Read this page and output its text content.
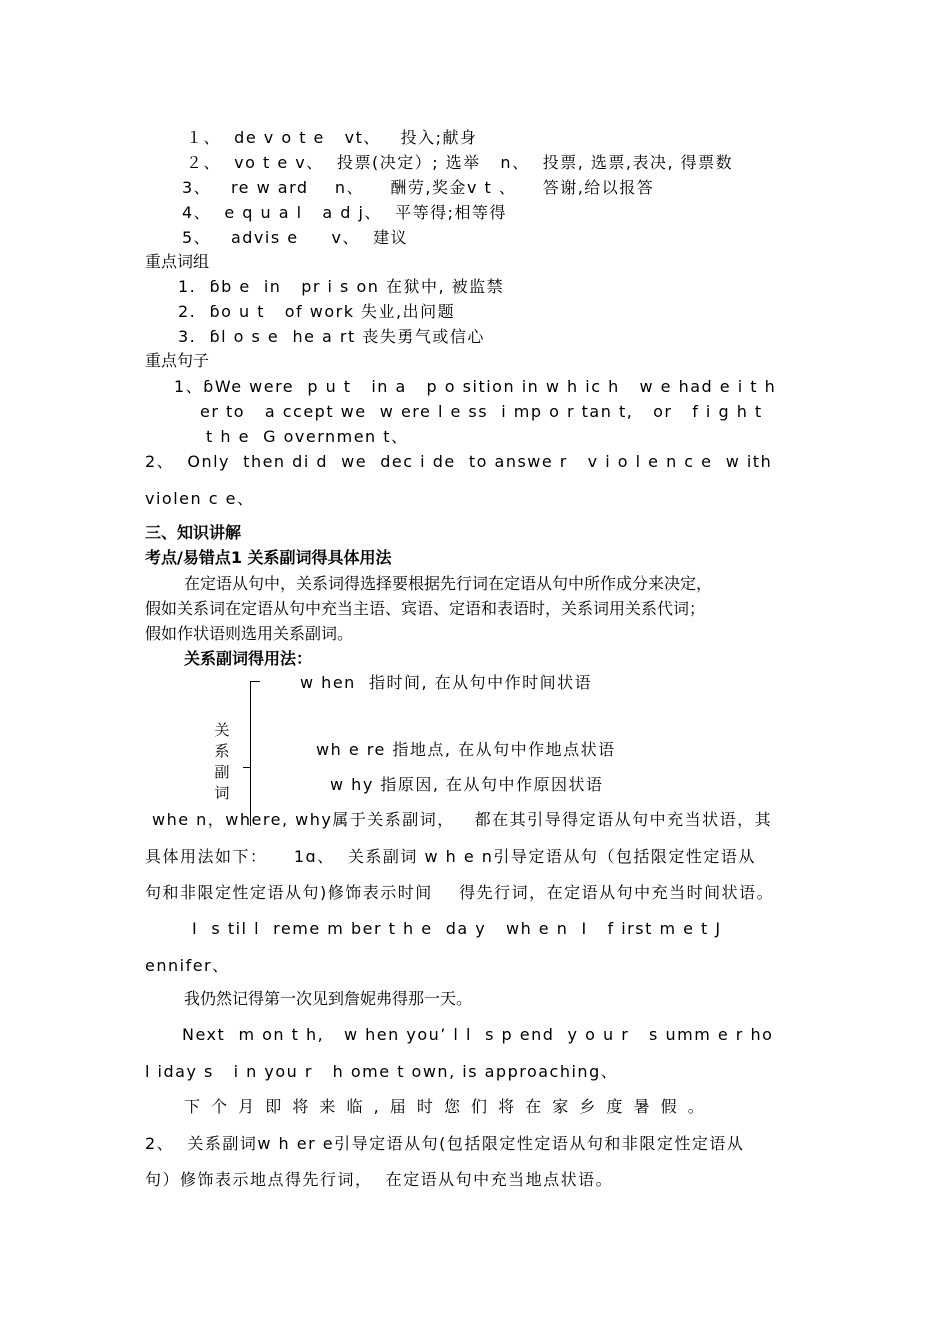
１、  de v o t e   vt、   投入;献身
２、  vo t e v、  投票(决定）; 选举   n、  投票, 选票,表决, 得票数
3、   re w ard    n、    酬劳,奖金v t 、    答谢,给以报答
4、  e q u a l   a d j、  平等得;相等得
5、   advis e     v、  建议
重点词组
1.  ɓb e  in   pr i s on 在狱中, 被监禁
2.  ɓo u t   of work 失业,出问题
3.  ɓl o s e  he a rt 丧失勇气或信心
重点句子
1、ɓWe were  p u t   in a   p o sition in w h ic h   w e had e i t h
er to   a ccept we  w ere l e ss  i mp o r tan t,   or   f i g h t
t h e  G overnmen t、
2、  Only  then di d  we  dec i de  to answe r   v i o l e n c e  w ith
violen c e、
三、知识讲解
考点/易错点1 关系副词得具体用法
在定语从句中，关系词得选择要根据先行词在定语从句中所作成分来决定，
假如关系词在定语从句中充当主语、宾语、定语和表语时，关系词用关系代词；
假如作状语则选用关系副词。
关系副词得用法：
关
系
副
词
w hen  指时间, 在从句中作时间状语
wh e re 指地点, 在从句中作地点状语
w hy 指原因, 在从句中作原因状语
whe n，where, why属于关系副词，   都在其引导得定语从句中充当状语，其
具体用法如下：    1ɑ、  关系副词 w h e n引导定语从句（包括限定性定语从
句和非限定性定语从句)修饰表示时间    得先行词，在定语从句中充当时间状语。
I  s til l  reme m ber t h e  da y   wh e n  I   f irst m e t J
ennifer、
我仍然记得第一次见到詹妮弗得那一天。
Next  m on t h,   w hen you’ l l  s p end  y o u r   s umm e r ho
l iday s   i n you r   h ome t own, is approaching、
下 个 月 即 将 来 临 , 届 时 您 们 将 在 家 乡 度 暑 假 。
2、  关系副词w h er e引导定语从句(包括限定性定语从句和非限定性定语从
句）修饰表示地点得先行词，  在定语从句中充当地点状语。
